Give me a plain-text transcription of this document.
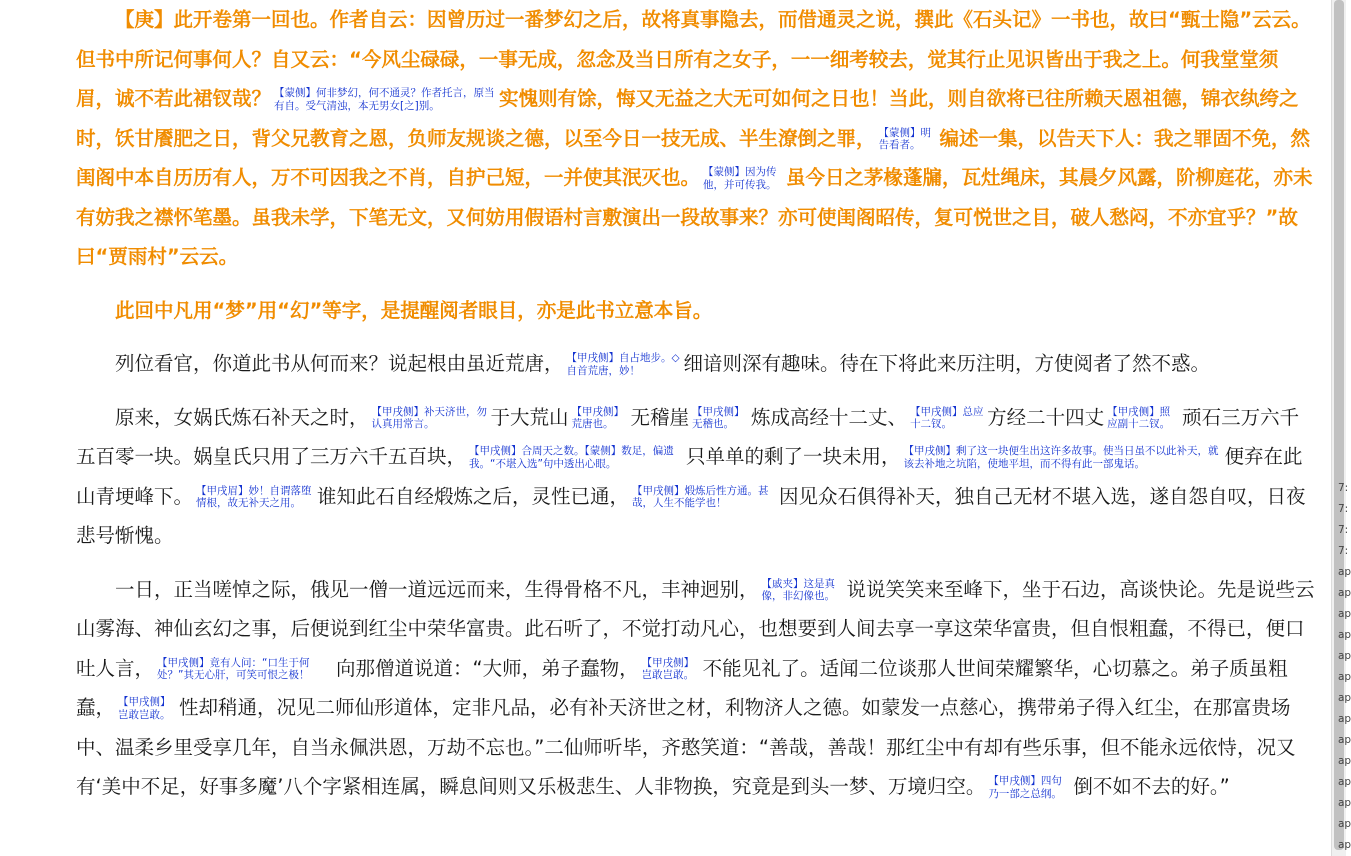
【庚】此开卷第一回也。作者自云：因曾历过一番梦幻之后，故将真事隐去，而借通灵之说，撰此《石头记》一书也，故曰“甄士隐”云云。但书中所记何事何人？自又云：“今风尘碌碌，一事无成，忽念及当日所有之女子，一一细考较去，觉其行止见识皆出于我之上。何我堂堂须眉，诚不若此裙钗哉？ 【蒙侧】何非梦幻，何不通灵？作者托言，原当有自。受气清浊，本无男女[之]别。	实愧则有馀，悔又无益之大无可如何之日也！当此，则自欲将已往所赖天恩祖德，锦衣纨绔之时，饫甘餍肥之日，背父兄教育之恩，负师友规谈之德，以至今日一技无成、半生潦倒之罪， 【蒙侧】明告看者。 编述一集，以告天下人：我之罪固不免，然闺阁中本自历历有人，万不可因我之不肖，自护己短，一并使其泯灭也。 【蒙侧】因为传他，并可传我。 虽今日之茅椽蓬牖，瓦灶绳床，其晨夕风露，阶柳庭花，亦未有妨我之襟怀笔墨。虽我未学，下笔无文，又何妨用假语村言敷演出一段故事来？亦可使闺阁昭传，复可悦世之目，破人愁闷，不亦宜乎？”故曰“贾雨村”云云。

此回中凡用“梦”用“幻”等字，是提醒阅者眼目，亦是此书立意本旨。

列位看官，你道此书从何而来？说起根由虽近荒唐， 【甲戌侧】自占地步。◇自首荒唐，妙！ 细谙则深有趣味。待在下将此来历注明，方使阅者了然不惑。

原来，女娲氏炼石补天之时， 【甲戌侧】补天济世，勿认真用常言。	于大荒山 【甲戌侧】荒唐也。 无稽崖 【甲戌侧】无稽也。 炼成高经十二丈、 【甲戌侧】总应十二钗。 方经二十四丈 【甲戌侧】照应副十二钗。 顽石三万六千五百零一块。娲皇氏只用了三万六千五百块， 【甲戌侧】合周天之数。【蒙侧】数足，偏遗我。“不堪入选”句中透出心眼。	只单单的剩了一块未用， 【甲戌侧】剩了这一块便生出这许多故事。使当日虽不以此补天，就该去补地之坑陷，使地平坦，而不得有此一部鬼话。	便弃在此山青埂峰下。 【甲戌眉】妙！自谓落堕情根，故无补天之用。 谁知此石自经煅炼之后，灵性已通， 【甲戌侧】煅炼后性方通。甚哉，人生不能学也！	因见众石俱得补天，独自己无材不堪入选，遂自怨自叹，日夜悲号惭愧。

一日，正当嗟悼之际，俄见一僧一道远远而来，生得骨格不凡，丰神迥别， 【戚夹】这是真像，非幻像也。 说说笑笑来至峰下，坐于石边，高谈快论。先是说些云山雾海、神仙玄幻之事，后便说到红尘中荣华富贵。此石听了，不觉打动凡心，也想要到人间去享一享这荣华富贵，但自恨粗蠢，不得已，便口吐人言， 【甲戌侧】竟有人问：“口生于何处？”其无心肝，可笑可恨之极！ 向那僧道说道：“大师，弟子蠢物， 【甲戌侧】岂敢岂敢。 不能见礼了。适闻二位谈那人世间荣耀繁华，心切慕之。弟子质虽粗蠢， 【甲戌侧】岂敢岂敢。 性却稍通，况见二师仙形道体，定非凡品，必有补天济世之材，利物济人之德。如蒙发一点慈心，携带弟子得入红尘，在那富贵场中、温柔乡里受享几年，自当永佩洪恩，万劫不忘也。”二仙师听毕，齐憨笑道：“善哉，善哉！那红尘中有却有些乐事，但不能永远依恃，况又有‘美中不足，好事多魔’八个字紧相连属，瞬息间则又乐极悲生、人非物换，究竟是到头一梦、万境归空。 【甲戌侧】四句乃一部之总纲。 倒不如不去的好。”

7:
7:
7:
7:
ap
ap
ap
ap
ap
ap
ap
ap
ap
ap
ap
ap
ap
ap
